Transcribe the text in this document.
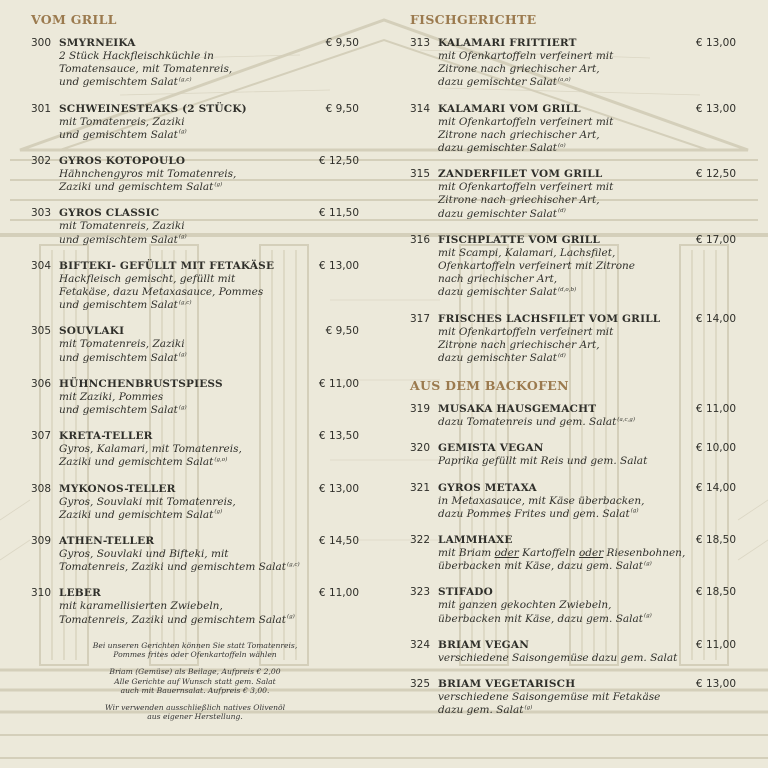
VOM GRILL
300 SMYRNEIKA	€ 9,50
2 Stück Hackfleischküchle in
Tomatensauce, mit Tomatenreis,
und gemischtem Salat$^{(g,c)}$
301 SCHWEINESTEAKS (2 STÜCK)	€ 9,50
mit Tomatenreis, Zaziki
und gemischtem Salat$^{(g)}$
302 GYROS KOTOPOULO	€ 12,50
Hähnchengyros mit Tomatenreis,
Zaziki und gemischtem Salat$^{(g)}$
303 GYROS CLASSIC	€ 11,50
mit Tomatenreis, Zaziki
und gemischtem Salat$^{(g)}$
304 BIFTEKI- GEFÜLLT MIT FETAKÄSE	€ 13,00
Hackfleisch gemischt, gefüllt mit
Fetakäse, dazu Metaxasauce, Pommes
und gemischtem Salat$^{(g,c)}$
305 SOUVLAKI	€ 9,50
mit Tomatenreis, Zaziki
und gemischtem Salat$^{(g)}$
306 HÜHNCHENBRUSTSPIESS	€ 11,00
mit Zaziki, Pommes
und gemischtem Salat$^{(g)}$
307 KRETA-TELLER	€ 13,50
Gyros, Kalamari, mit Tomatenreis,
Zaziki und gemischtem Salat$^{(g,o)}$
308 MYKONOS-TELLER	€ 13,00
Gyros, Souvlaki mit Tomatenreis,
Zaziki und gemischtem Salat$^{(g)}$
309 ATHEN-TELLER	€ 14,50
Gyros, Souvlaki und Bifteki, mit
Tomatenreis, Zaziki und gemischtem Salat$^{(g,c)}$
310 LEBER	€ 11,00
mit karamellisierten Zwiebeln,
Tomatenreis, Zaziki und gemischtem Salat$^{(g)}$
Bei unseren Gerichten können Sie statt Tomatenreis,
Pommes frites oder Ofenkartoffeln wählen
Briam (Gemüse) als Beilage, Aufpreis € 2,00
Alle Gerichte auf Wunsch statt gem. Salat
auch mit Bauernsalat. Aufpreis € 3,00.
Wir verwenden ausschließlich natives Olivenöl
aus eigener Herstellung.
FISCHGERICHTE
313 KALAMARI FRITTIERT	€ 13,00
mit Ofenkartoffeln verfeinert mit
Zitrone nach griechischer Art,
dazu gemischter Salat$^{(a,o)}$
314 KALAMARI VOM GRILL	€ 13,00
mit Ofenkartoffeln verfeinert mit
Zitrone nach griechischer Art,
dazu gemischter Salat$^{(o)}$
315 ZANDERFILET VOM GRILL	€ 12,50
mit Ofenkartoffeln verfeinert mit
Zitrone nach griechischer Art,
dazu gemischter Salat$^{(d)}$
316 FISCHPLATTE VOM GRILL	€ 17,00
mit Scampi, Kalamari, Lachsfilet,
Ofenkartoffeln verfeinert mit Zitrone
nach griechischer Art,
dazu gemischter Salat$^{(d,o,b)}$
317 FRISCHES LACHSFILET VOM GRILL	€ 14,00
mit Ofenkartoffeln verfeinert mit
Zitrone nach griechischer Art,
dazu gemischter Salat$^{(d)}$
AUS DEM BACKOFEN
319 MUSAKA HAUSGEMACHT	€ 11,00
dazu Tomatenreis und gem. Salat$^{(a,c,g)}$
320 GEMISTA VEGAN	€ 10,00
Paprika gefüllt mit Reis und gem. Salat
321 GYROS METAXA	€ 14,00
in Metaxasauce, mit Käse überbacken,
dazu Pommes Frites und gem. Salat$^{(g)}$
322 LAMMHAXE	€ 18,50
mit Briam oder Kartoffeln oder Riesenbohnen,
überbacken mit Käse, dazu gem. Salat$^{(g)}$
323 STIFADO	€ 18,50
mit ganzen gekochten Zwiebeln,
überbacken mit Käse, dazu gem. Salat$^{(g)}$
324 BRIAM VEGAN	€ 11,00
verschiedene Saisongemüse dazu gem. Salat
325 BRIAM VEGETARISCH	€ 13,00
verschiedene Saisongemüse mit Fetakäse
dazu gem. Salat$^{(g)}$
